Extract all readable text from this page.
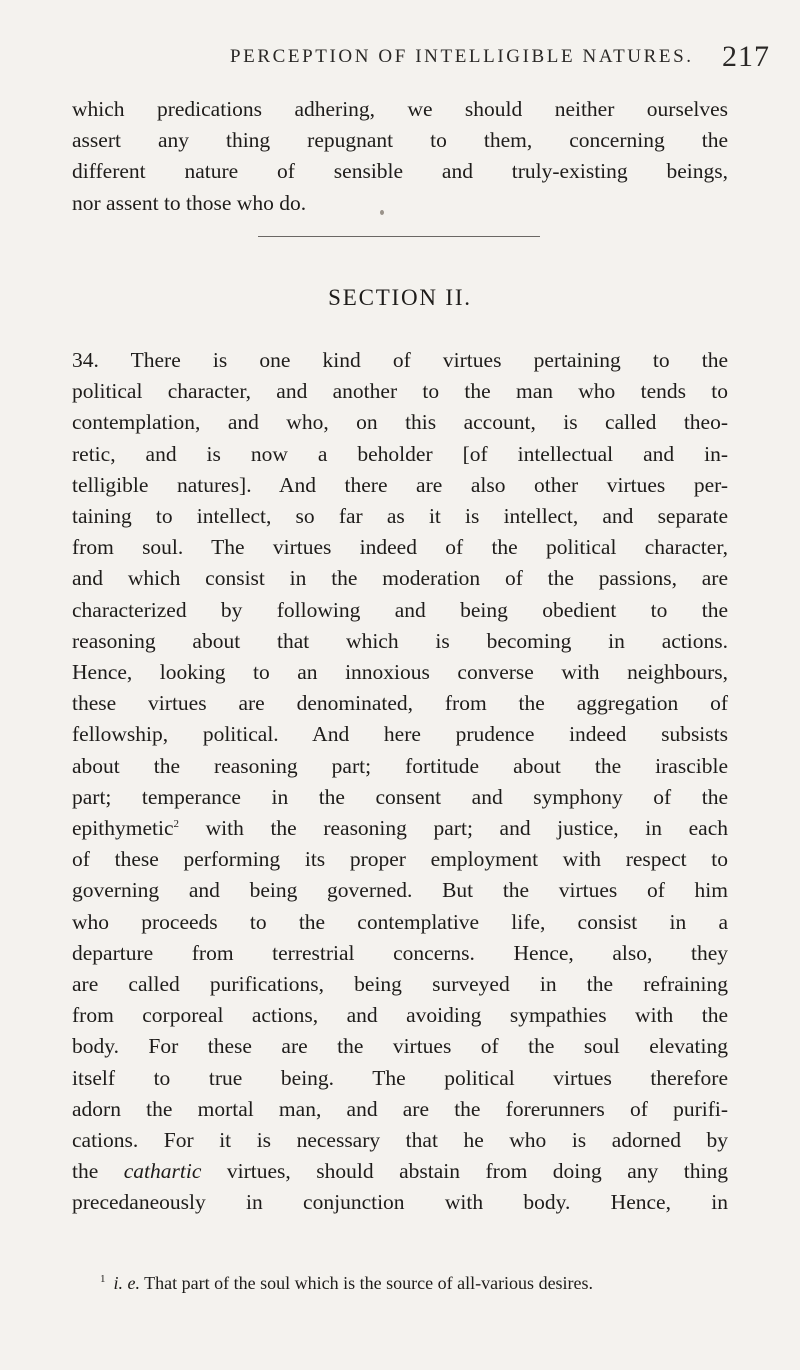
PERCEPTION OF INTELLIGIBLE NATURES. 217
which predications adhering, we should neither ourselves
assert any thing repugnant to them, concerning the
different nature of sensible and truly-existing beings,
nor assent to those who do.
SECTION II.
34. There is one kind of virtues pertaining to the
political character, and another to the man who tends to
contemplation, and who, on this account, is called theo-
retic, and is now a beholder [of intellectual and in-
telligible natures]. And there are also other virtues per-
taining to intellect, so far as it is intellect, and separate
from soul. The virtues indeed of the political character,
and which consist in the moderation of the passions, are
characterized by following and being obedient to the
reasoning about that which is becoming in actions.
Hence, looking to an innoxious converse with neighbours,
these virtues are denominated, from the aggregation of
fellowship, political. And here prudence indeed subsists
about the reasoning part; fortitude about the irascible
part; temperance in the consent and symphony of the
epithymetic$^2$ with the reasoning part; and justice, in each
of these performing its proper employment with respect to
governing and being governed. But the virtues of him
who proceeds to the contemplative life, consist in a
departure from terrestrial concerns. Hence, also, they
are called purifications, being surveyed in the refraining
from corporeal actions, and avoiding sympathies with the
body. For these are the virtues of the soul elevating
itself to true being. The political virtues therefore
adorn the mortal man, and are the forerunners of purifi-
cations. For it is necessary that he who is adorned by
the cathartic virtues, should abstain from doing any thing
precedaneously in conjunction with body. Hence, in
$^1$ i. e. That part of the soul which is the source of all-various desires.
